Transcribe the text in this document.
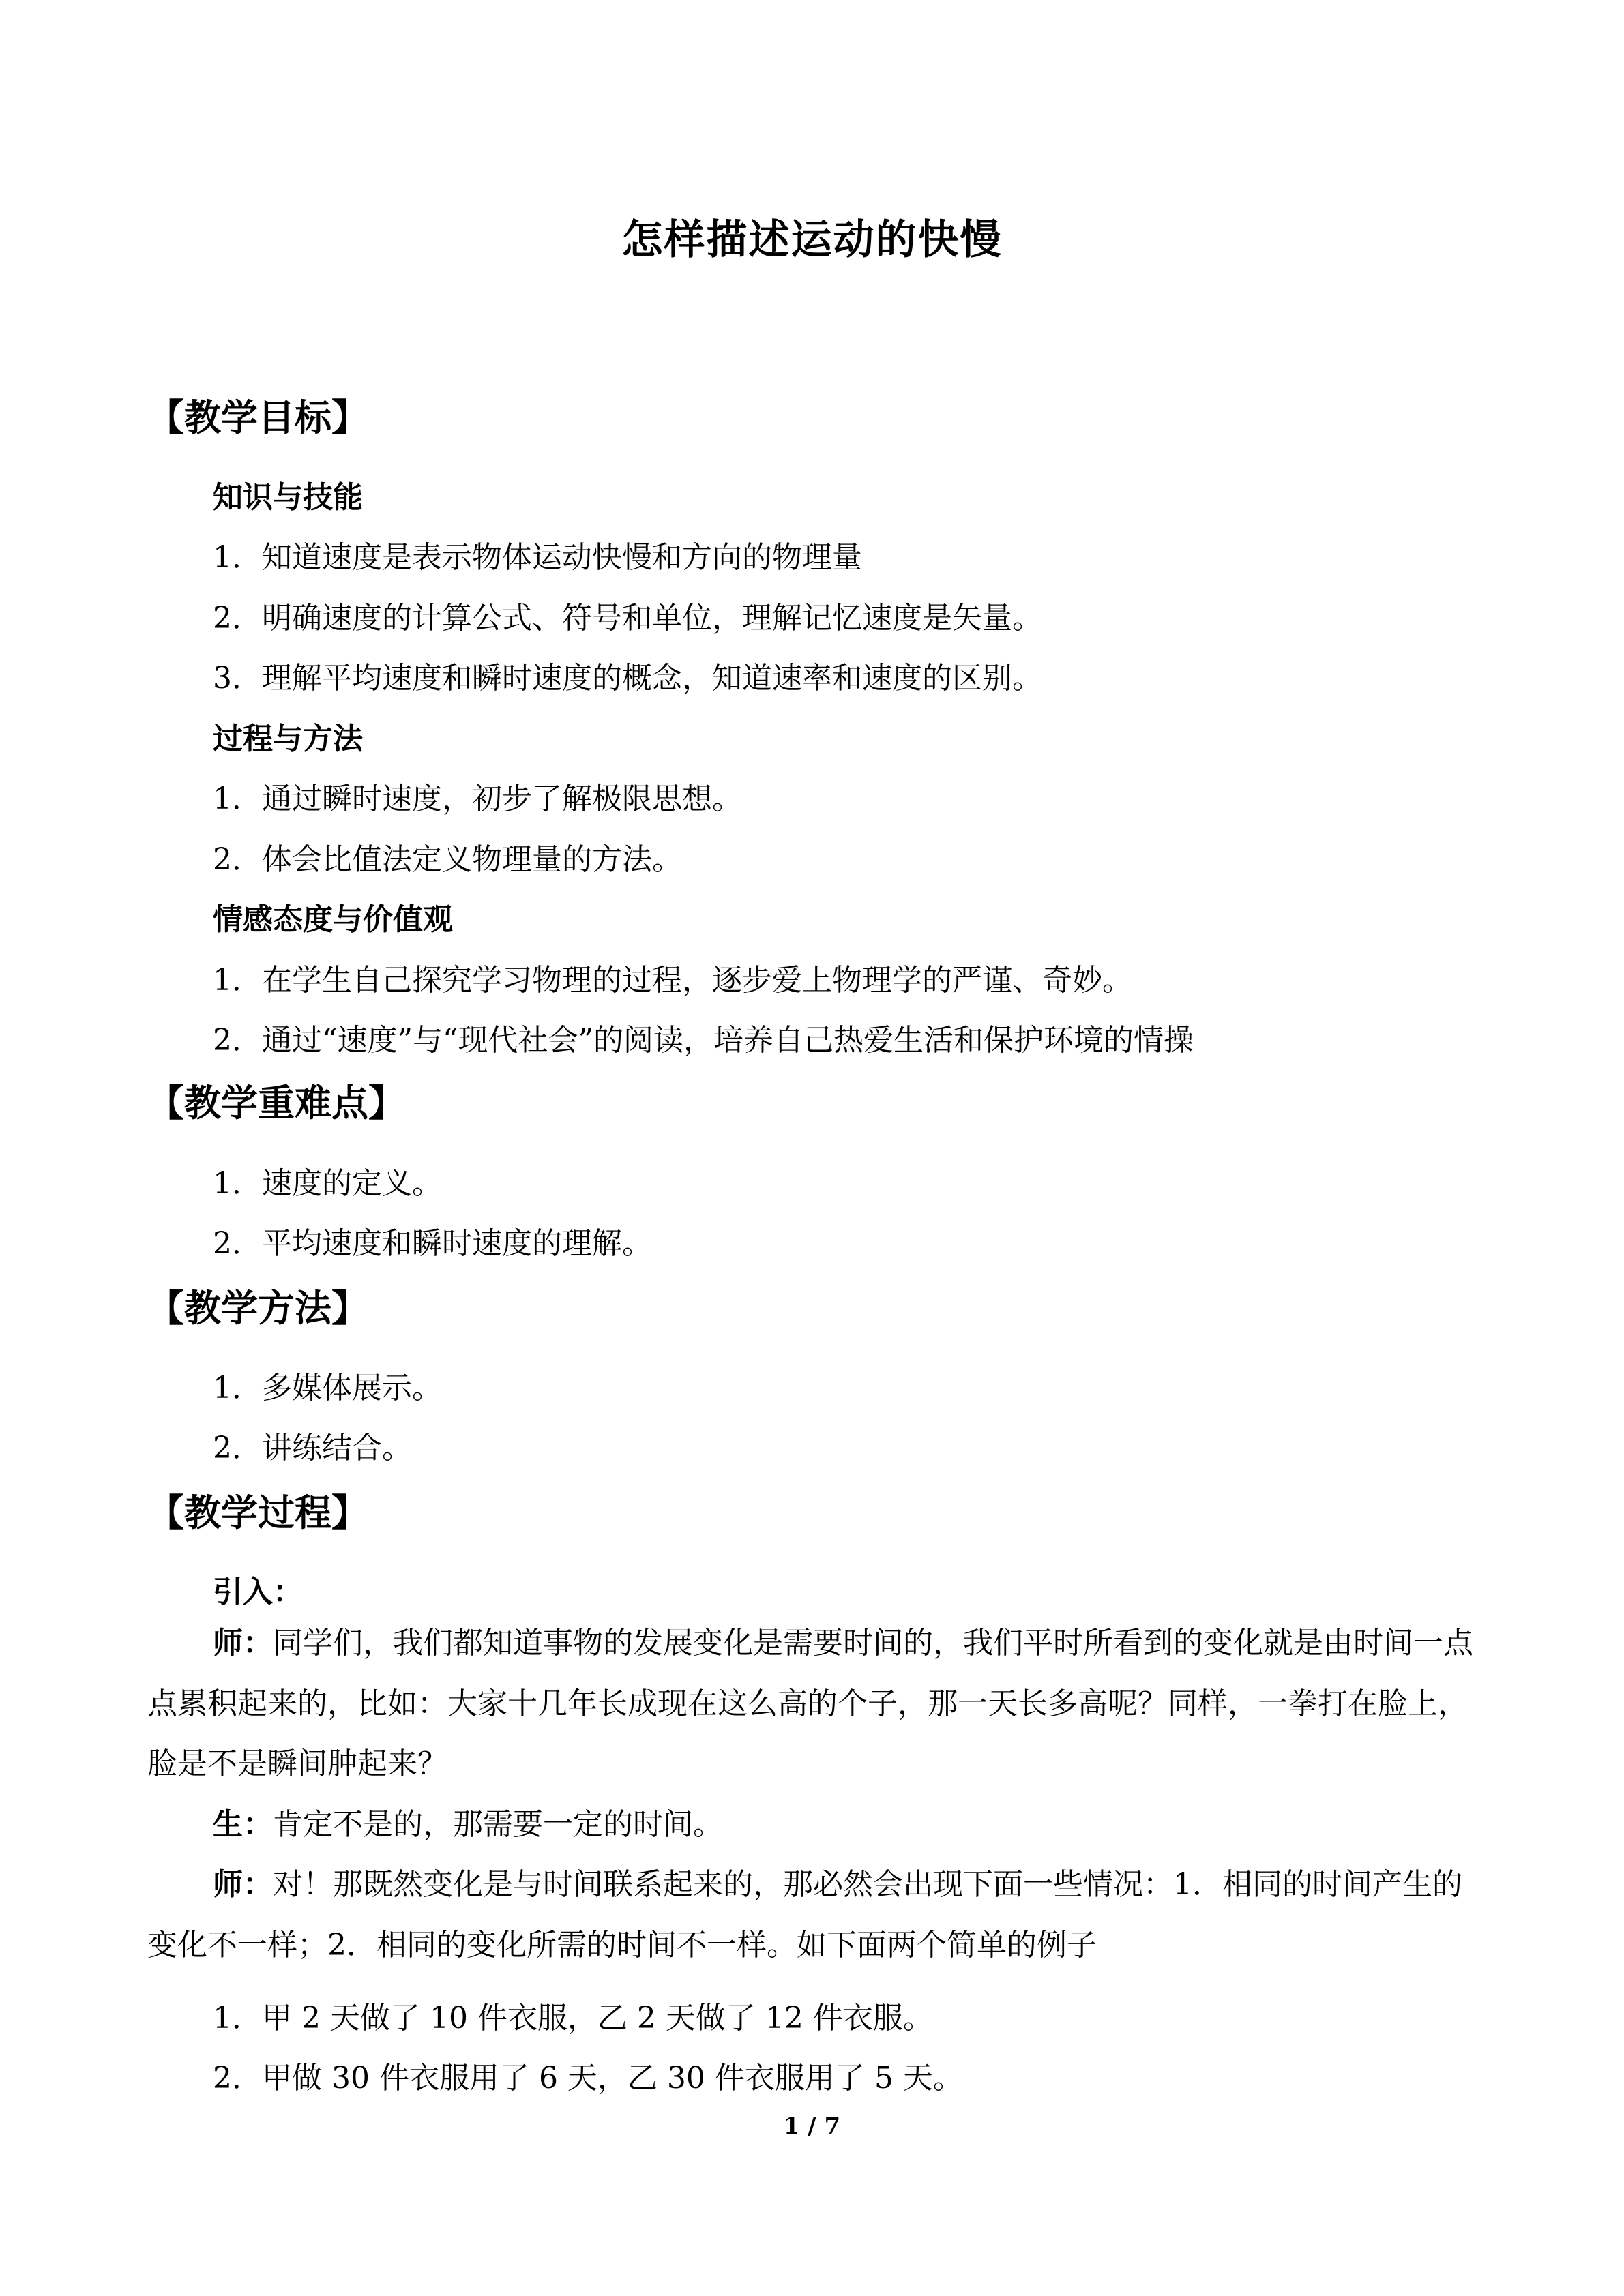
怎样描述运动的快慢
【教学目标】
知识与技能
1．知道速度是表示物体运动快慢和方向的物理量
2．明确速度的计算公式、符号和单位，理解记忆速度是矢量。
3．理解平均速度和瞬时速度的概念，知道速率和速度的区别。
过程与方法
1．通过瞬时速度，初步了解极限思想。
2．体会比值法定义物理量的方法。
情感态度与价值观
1．在学生自己探究学习物理的过程，逐步爱上物理学的严谨、奇妙。
2．通过“速度”与“现代社会”的阅读，培养自己热爱生活和保护环境的情操
【教学重难点】
1．速度的定义。
2．平均速度和瞬时速度的理解。
【教学方法】
1．多媒体展示。
2．讲练结合。
【教学过程】
引入：
师：同学们，我们都知道事物的发展变化是需要时间的，我们平时所看到的变化就是由时间一点点累积起来的，比如：大家十几年长成现在这么高的个子，那一天长多高呢？同样，一拳打在脸上，脸是不是瞬间肿起来？
生：肯定不是的，那需要一定的时间。
师：对！那既然变化是与时间联系起来的，那必然会出现下面一些情况：1．相同的时间产生的变化不一样；2．相同的变化所需的时间不一样。如下面两个简单的例子
1．甲 2 天做了 10 件衣服，乙 2 天做了 12 件衣服。
2．甲做 30 件衣服用了 6 天，乙 30 件衣服用了 5 天。
1 / 7
